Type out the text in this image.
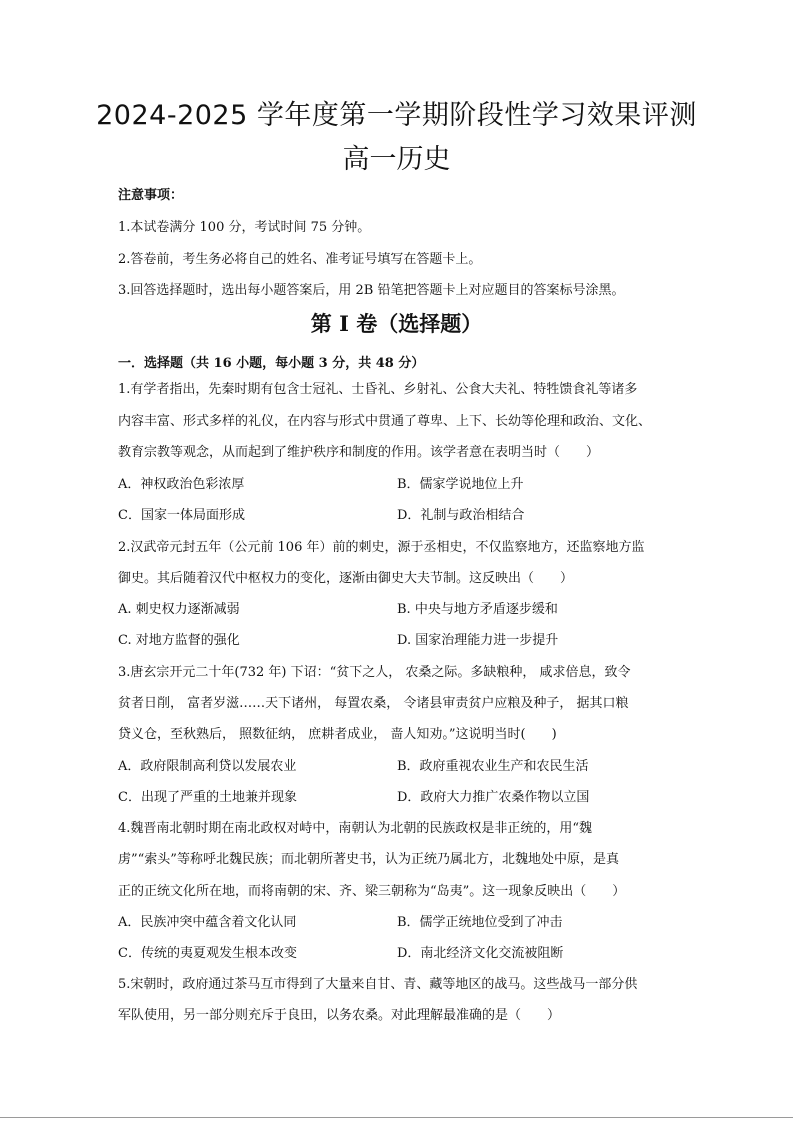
2024-2025 学年度第一学期阶段性学习效果评测
高一历史
注意事项：
1.本试卷满分 100 分，考试时间 75 分钟。
2.答卷前，考生务必将自己的姓名、准考证号填写在答题卡上。
3.回答选择题时，选出每小题答案后，用 2B 铅笔把答题卡上对应题目的答案标号涂黑。
第 Ⅰ 卷（选择题）
一．选择题（共 16 小题，每小题 3 分，共 48 分）
1.有学者指出，先秦时期有包含士冠礼、士昏礼、乡射礼、公食大夫礼、特牲馈食礼等诸多
内容丰富、形式多样的礼仪，在内容与形式中贯通了尊卑、上下、长幼等伦理和政治、文化、
教育宗教等观念，从而起到了维护秩序和制度的作用。该学者意在表明当时（　　）
A．神权政治色彩浓厚	B．儒家学说地位上升
C．国家一体局面形成	D．礼制与政治相结合
2.汉武帝元封五年（公元前 106 年）前的刺史，源于丞相史，不仅监察地方，还监察地方监
御史。其后随着汉代中枢权力的变化，逐渐由御史大夫节制。这反映出（　　）
A. 刺史权力逐渐减弱	B. 中央与地方矛盾逐步缓和
C. 对地方监督的强化	D. 国家治理能力进一步提升
3.唐玄宗开元二十年(732 年) 下诏：“贫下之人， 农桑之际。多缺粮种， 咸求倍息，致令
贫者日削， 富者岁滋……天下诸州， 每置农桑， 令诸县审责贫户应粮及种子， 据其口粮
贷义仓，至秋熟后， 照数征纳， 庶耕者成业， 啬人知劝。”这说明当时(　　)
A．政府限制高利贷以发展农业	B．政府重视农业生产和农民生活
C．出现了严重的土地兼并现象	D．政府大力推广农桑作物以立国
4.魏晋南北朝时期在南北政权对峙中，南朝认为北朝的民族政权是非正统的，用“魏
虏”“索头”等称呼北魏民族；而北朝所著史书，认为正统乃属北方，北魏地处中原，是真
正的正统文化所在地，而将南朝的宋、齐、梁三朝称为“岛夷”。这一现象反映出（　　）
A．民族冲突中蕴含着文化认同	B．儒学正统地位受到了冲击
C．传统的夷夏观发生根本改变	D．南北经济文化交流被阻断
5.宋朝时，政府通过茶马互市得到了大量来自甘、青、藏等地区的战马。这些战马一部分供
军队使用，另一部分则充斥于良田，以务农桑。对此理解最准确的是（　　）
